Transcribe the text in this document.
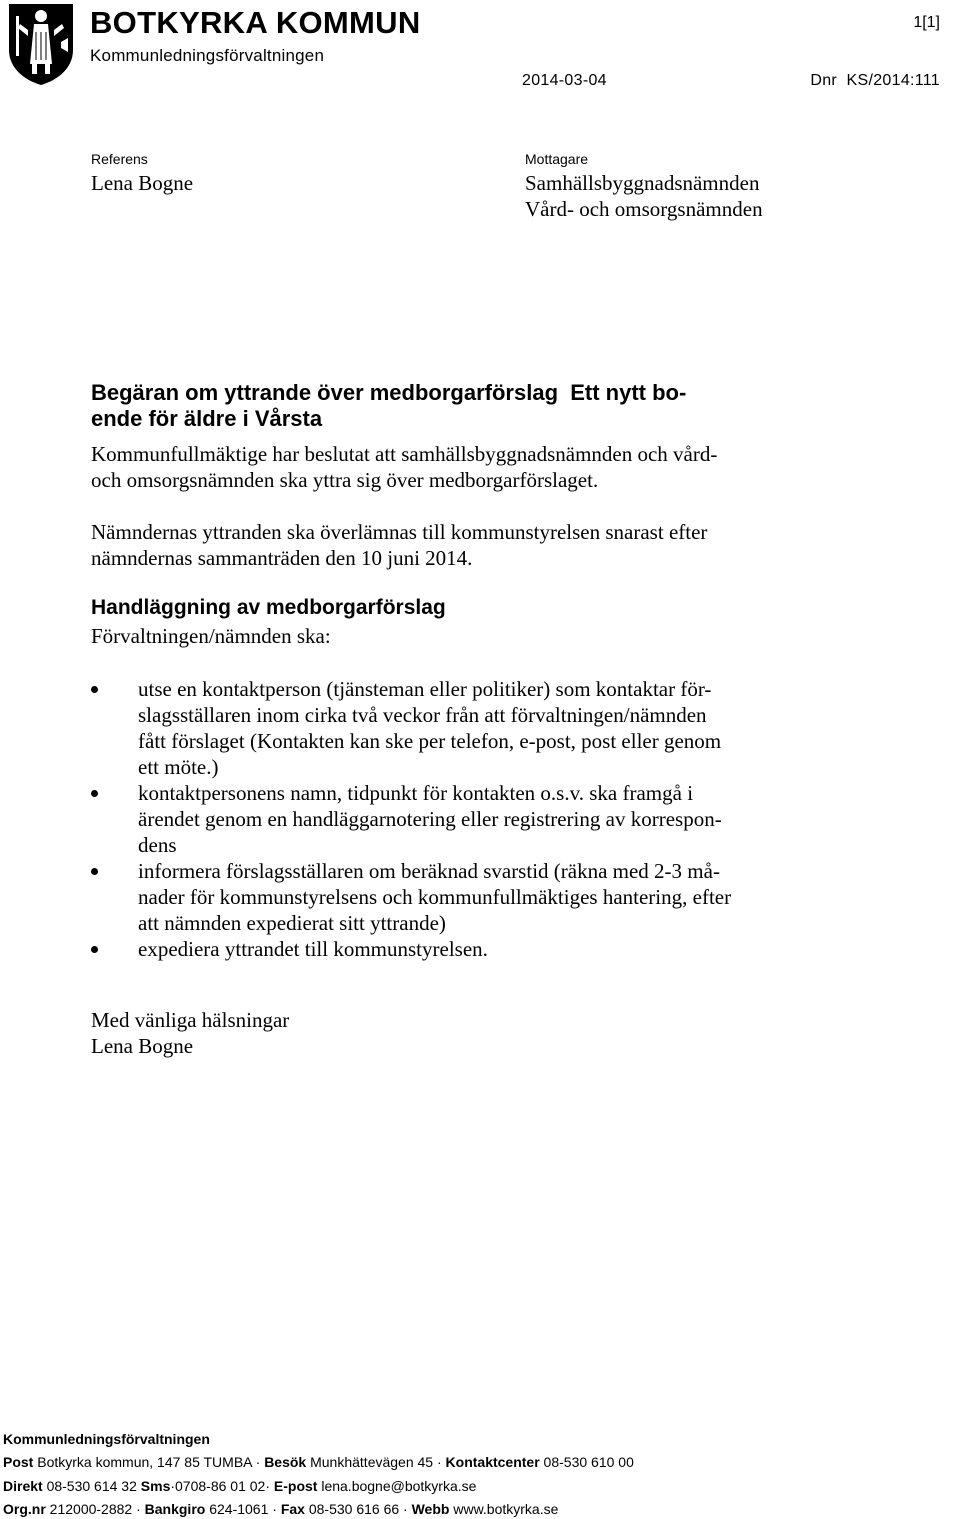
BOTKYRKA KOMMUN
Kommunledningsförvaltningen
1[1]
2014-03-04	Dnr  KS/2014:111
Referens
Lena Bogne
Mottagare
Samhällsbyggnadsnämnden
Vård- och omsorgsnämnden
Begäran om yttrande över medborgarförslag  Ett nytt bo-
ende för äldre i Vårsta
Kommunfullmäktige har beslutat att samhällsbyggnadsnämnden och vård-
och omsorgsnämnden ska yttra sig över medborgarförslaget.
Nämndernas yttranden ska överlämnas till kommunstyrelsen snarast efter
nämndernas sammanträden den 10 juni 2014.
Handläggning av medborgarförslag
Förvaltningen/nämnden ska:
utse en kontaktperson (tjänsteman eller politiker) som kontaktar för-
slagsställaren inom cirka två veckor från att förvaltningen/nämnden
fått förslaget (Kontakten kan ske per telefon, e-post, post eller genom
ett möte.)
kontaktpersonens namn, tidpunkt för kontakten o.s.v. ska framgå i
ärendet genom en handläggarnotering eller registrering av korrespon-
dens
informera förslagsställaren om beräknad svarstid (räkna med 2-3 må-
nader för kommunstyrelsens och kommunfullmäktiges hantering, efter
att nämnden expedierat sitt yttrande)
expediera yttrandet till kommunstyrelsen.
Med vänliga hälsningar
Lena Bogne
Kommunledningsförvaltningen
Post Botkyrka kommun, 147 85 TUMBA · Besök Munkhättevägen 45 · Kontaktcenter 08-530 610 00
Direkt 08-530 614 32 Sms·0708-86 01 02· E-post lena.bogne@botkyrka.se
Org.nr 212000-2882 · Bankgiro 624-1061 · Fax 08-530 616 66 · Webb www.botkyrka.se
